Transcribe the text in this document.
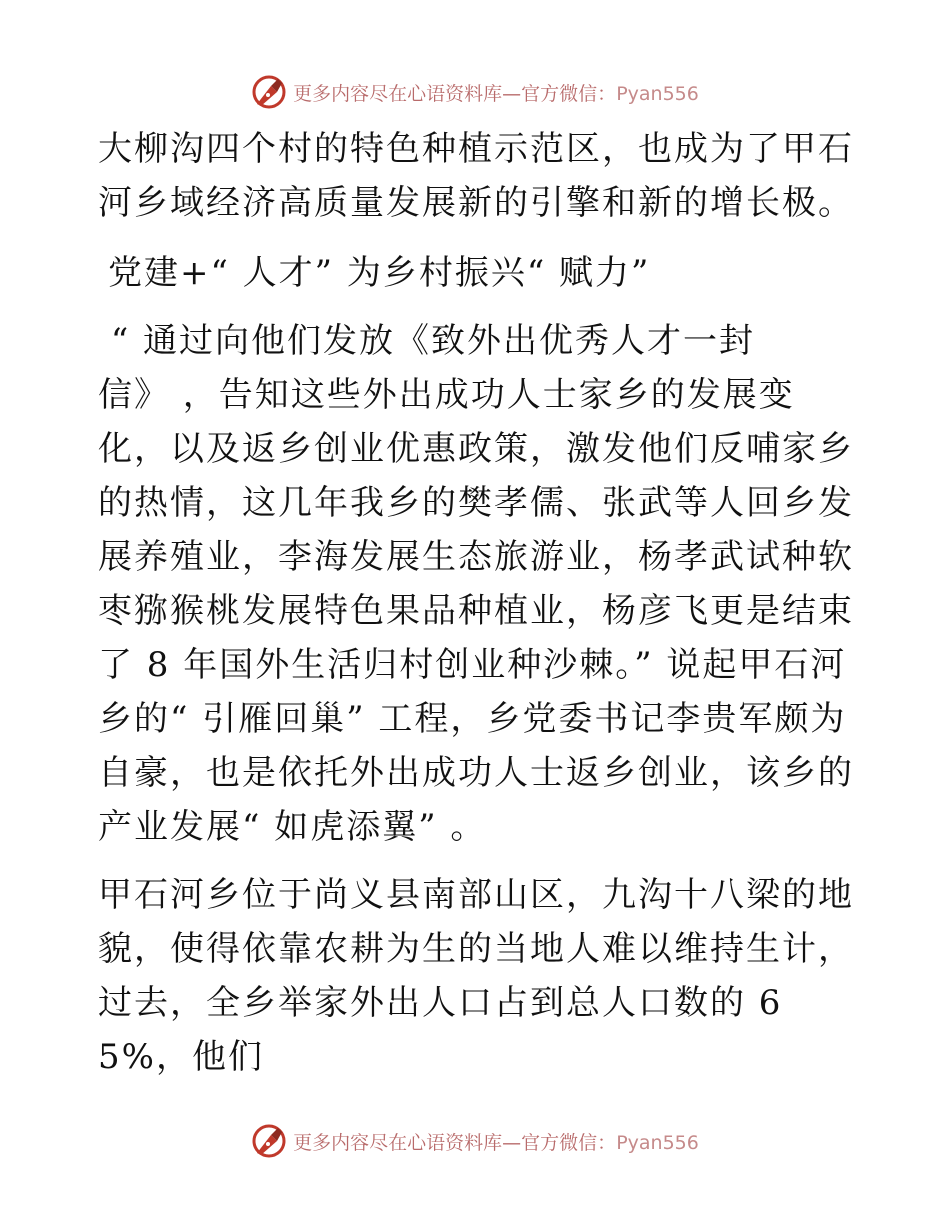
更多内容尽在心语资料库—官方微信：Pyan556

大柳沟四个村的特色种植示范区，也成为了甲石河乡域经济高质量发展新的引擎和新的增长极。

党建+“ 人才” 为乡村振兴“ 赋力”

“ 通过向他们发放《致外出优秀人才一封
信》 ，告知这些外出成功人士家乡的发展变化，以及返乡创业优惠政策，激发他们反哺家乡的热情，这几年我乡的樊孝儒、张武等人回乡发展养殖业，李海发展生态旅游业，杨孝武试种软枣猕猴桃发展特色果品种植业，杨彦飞更是结束了 8 年国外生活归村创业种沙棘。” 说起甲石河乡的“ 引雁回巢” 工程，乡党委书记李贵军颇为自豪，也是依托外出成功人士返乡创业，该乡的产业发展“ 如虎添翼” 。

甲石河乡位于尚义县南部山区，九沟十八梁的地貌，使得依靠农耕为生的当地人难以维持生计，过去，全乡举家外出人口占到总人口数的 65%，他们

更多内容尽在心语资料库—官方微信：Pyan556
